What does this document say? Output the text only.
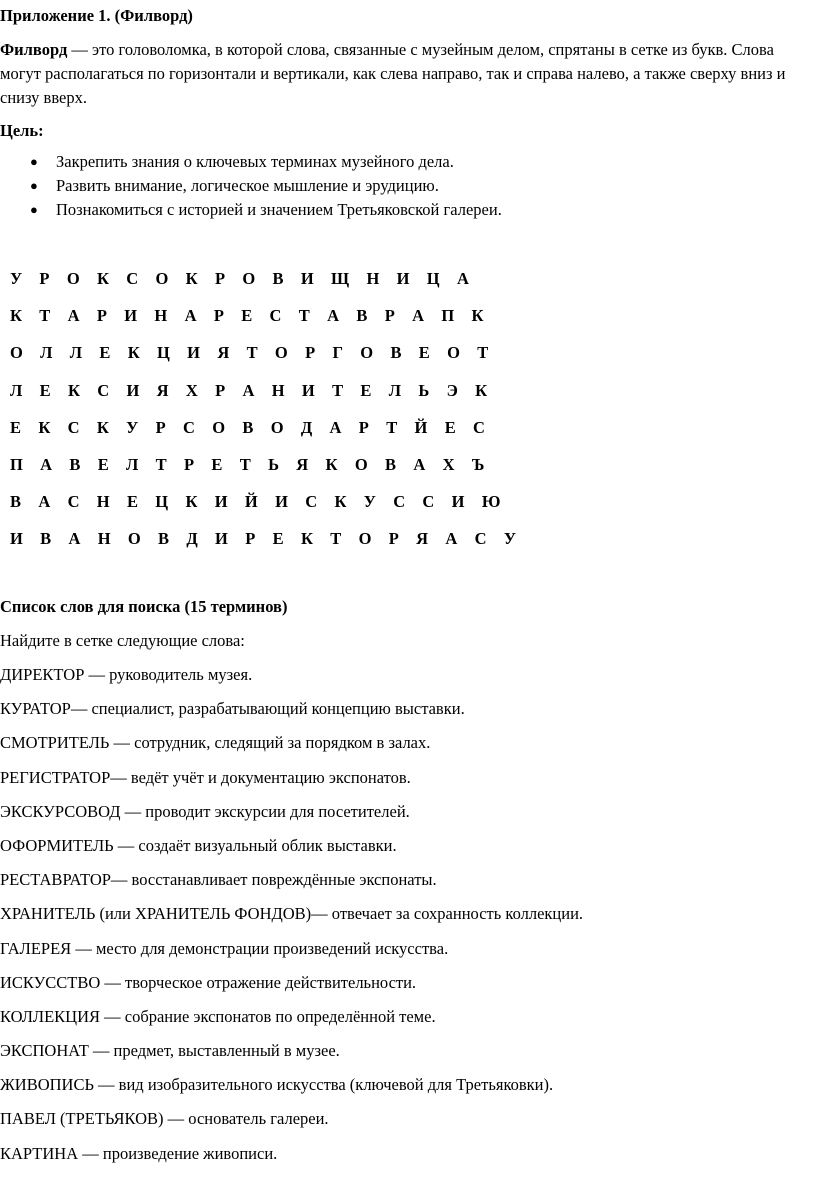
Приложение 1. (Филворд)
Филворд — это головоломка, в которой слова, связанные с музейным делом, спрятаны в сетке из букв. Слова могут располагаться по горизонтали и вертикали, как слева направо, так и справа налево, а также сверху вниз и снизу вверх.
Цель:
● Закрепить знания о ключевых терминах музейного дела.
● Развить внимание, логическое мышление и эрудицию.
● Познакомиться с историей и значением Третьяковской галереи.
У Р О К С О К Р О В И Щ Н И Ц А
К Т А Р И Н А Р Е С Т А В Р А П К
О Л Л Е К Ц И Я Т О Р Г О В Е О Т
Л Е К С И Я Х Р А Н И Т Е Л Ь Э К
Е К С К У Р С О В О Д А Р Т Й Е С
П А В Е Л Т Р Е Т Ь Я К О В А Х Ъ
В А С Н Е Ц К И Й И С К У С С И Ю
И В А Н О В Д И Р Е К Т О Р Я А С У
Список слов для поиска (15 терминов)
Найдите в сетке следующие слова:
ДИРЕКТОР — руководитель музея.
КУРАТОР— специалист, разрабатывающий концепцию выставки.
СМОТРИТЕЛЬ — сотрудник, следящий за порядком в залах.
РЕГИСТРАТОР— ведёт учёт и документацию экспонатов.
ЭКСКУРСОВОД — проводит экскурсии для посетителей.
ОФОРМИТЕЛЬ — создаёт визуальный облик выставки.
РЕСТАВРАТОР— восстанавливает повреждённые экспонаты.
ХРАНИТЕЛЬ (или ХРАНИТЕЛЬ ФОНДОВ)— отвечает за сохранность коллекции.
ГАЛЕРЕЯ — место для демонстрации произведений искусства.
ИСКУССТВО — творческое отражение действительности.
КОЛЛЕКЦИЯ — собрание экспонатов по определённой теме.
ЭКСПОНАТ — предмет, выставленный в музее.
ЖИВОПИСЬ — вид изобразительного искусства (ключевой для Третьяковки).
ПАВЕЛ (ТРЕТЬЯКОВ) — основатель галереи.
КАРТИНА — произведение живописи.
